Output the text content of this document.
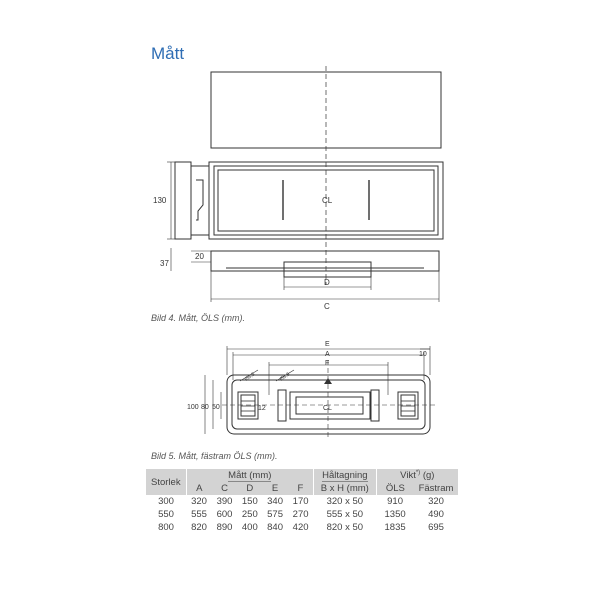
Mått
130
37
20
CL
D
C
Bild 4. Mått, ÖLS (mm).
E
A
F
10
CL
100 80 50	12
Ø8,3	Ø8,3
Bild 5. Mått, fästram ÖLS (mm).
Storlek	Mått (mm)					Håltagning	Vikt*) (g)	
	A	C	D	E	F	B x H (mm)	ÖLS	Fästram
300	320	390	150	340	170	320 x 50	910	320
550	555	600	250	575	270	555 x 50	1350	490
800	820	890	400	840	420	820 x 50	1835	695
